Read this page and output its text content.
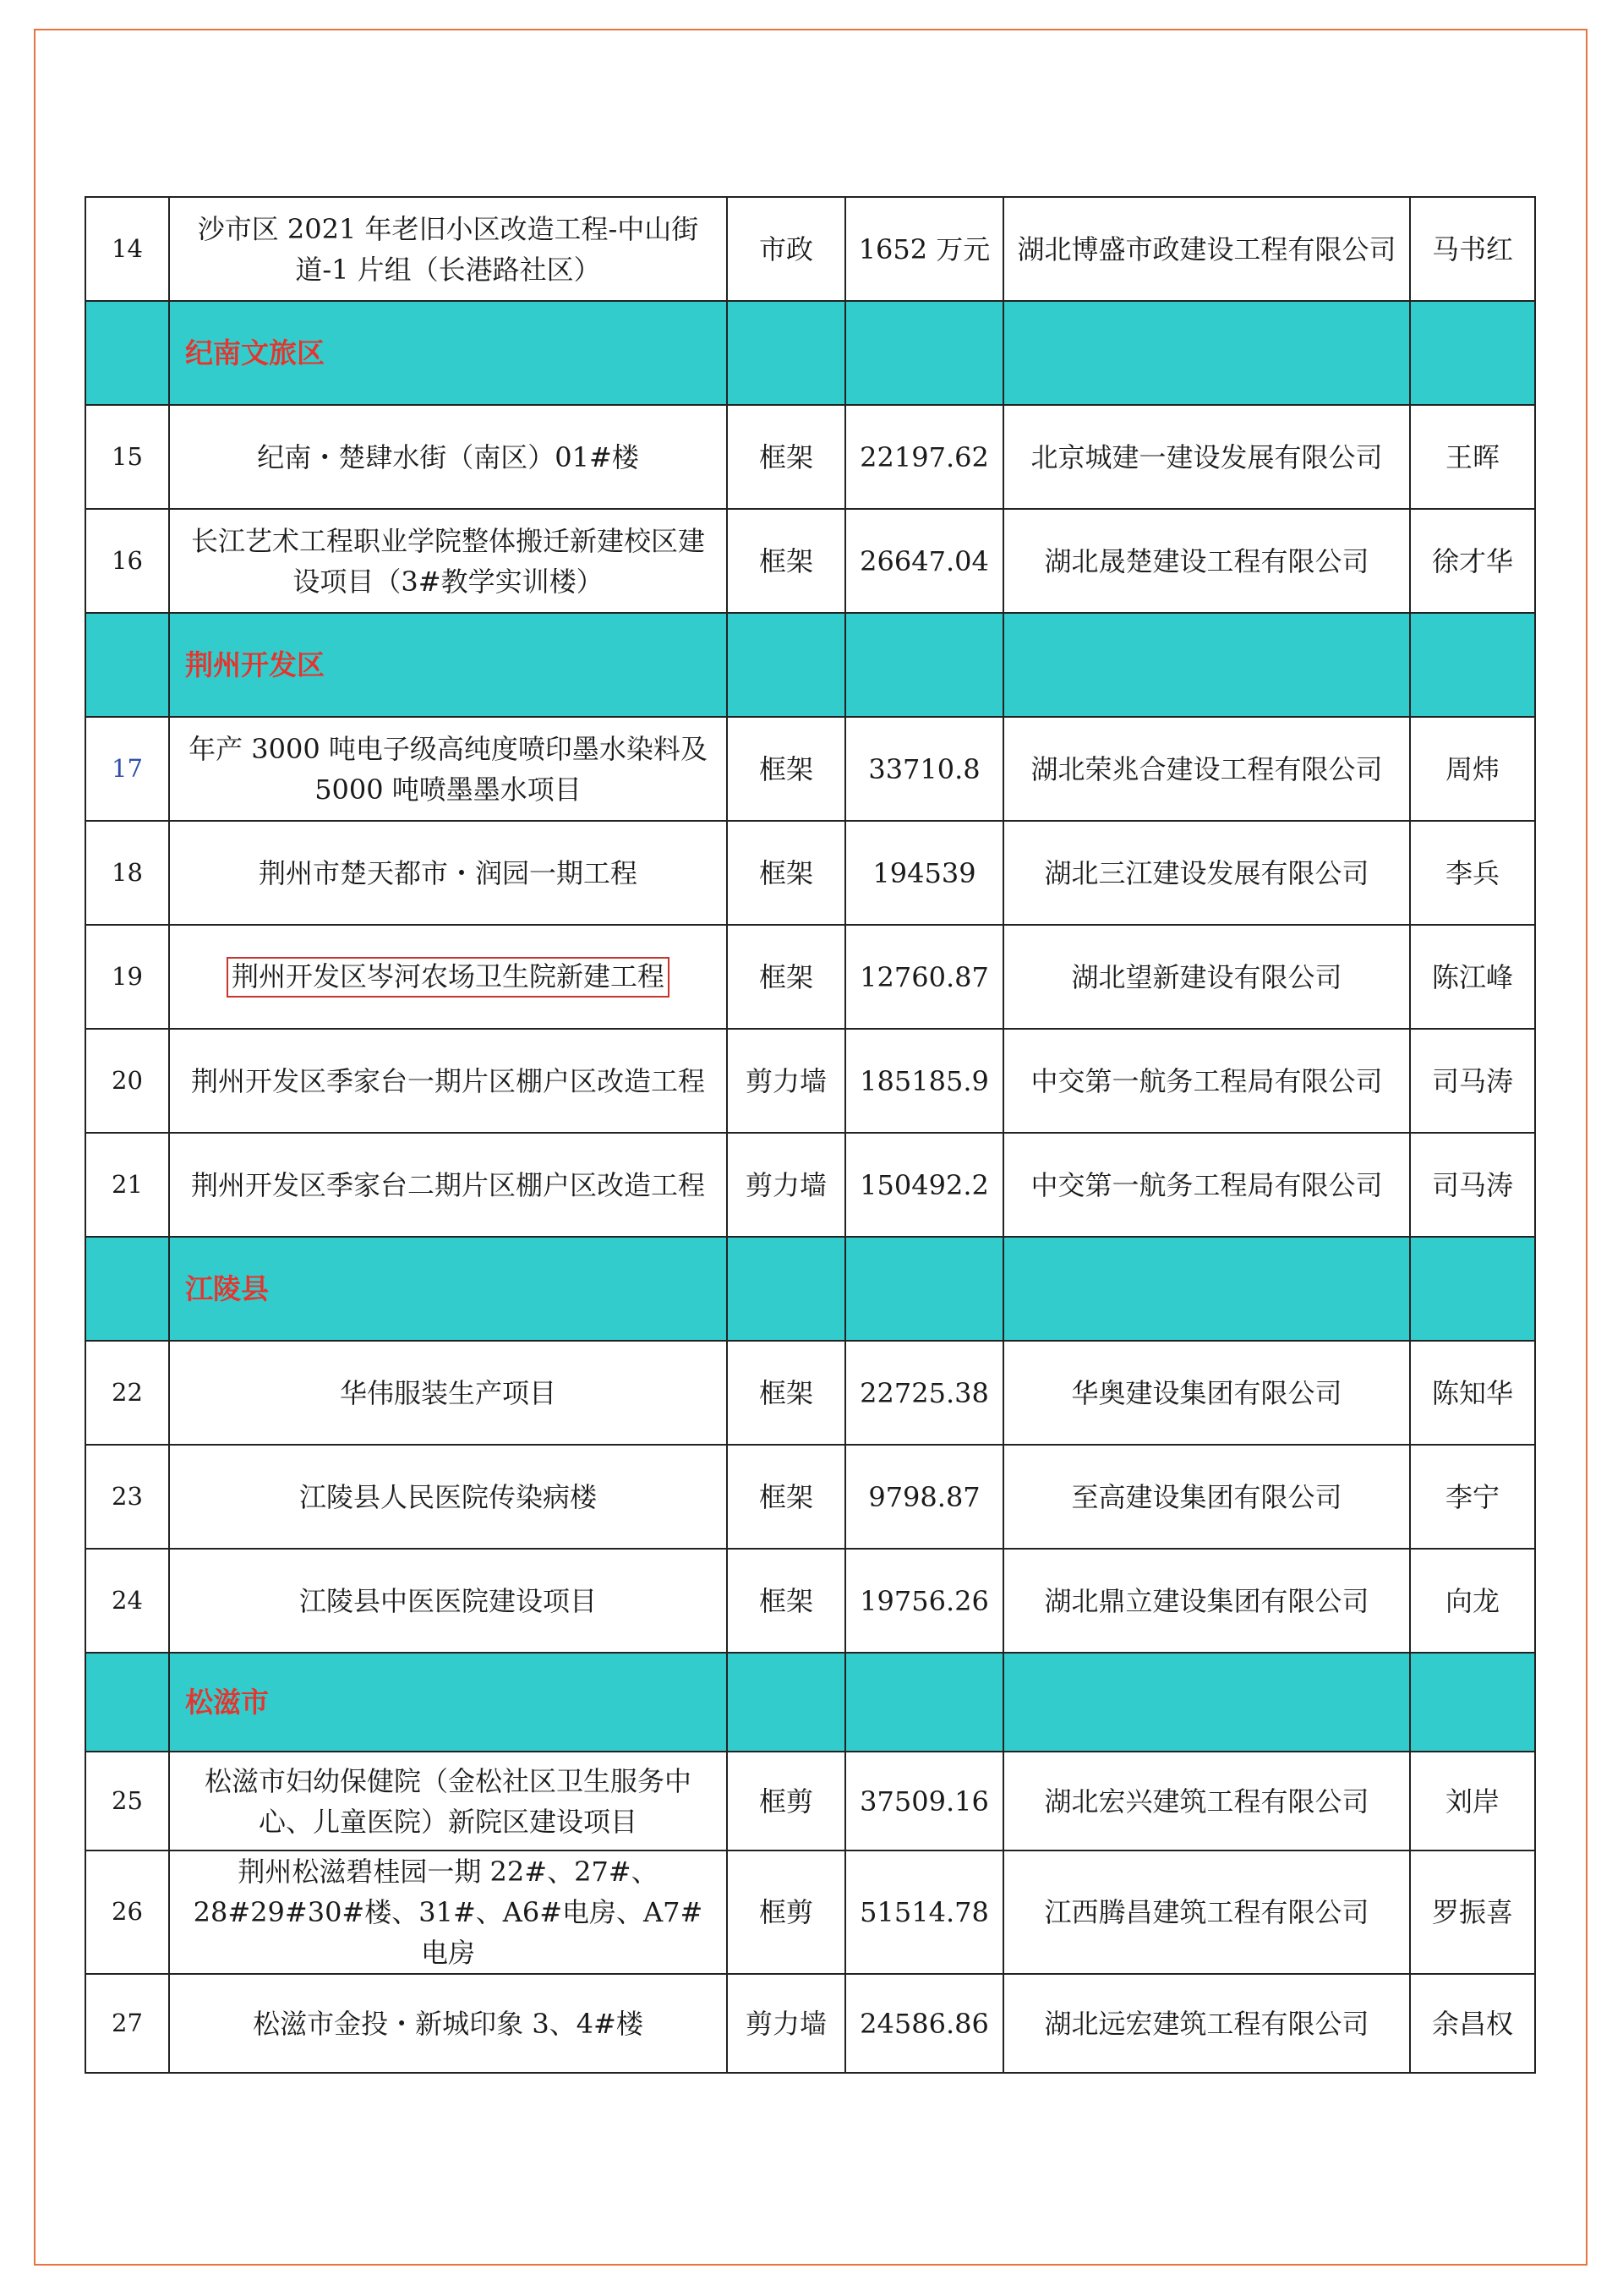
14	沙市区 2021 年老旧小区改造工程-中山街道-1 片组（长港路社区）	市政	1652 万元	湖北博盛市政建设工程有限公司	马书红
	纪南文旅区				
15	纪南・楚肆水街（南区）01#楼	框架	22197.62	北京城建一建设发展有限公司	王晖
16	长江艺术工程职业学院整体搬迁新建校区建设项目（3#教学实训楼）	框架	26647.04	湖北晟楚建设工程有限公司	徐才华
	荆州开发区				
17	年产 3000 吨电子级高纯度喷印墨水染料及 5000 吨喷墨墨水项目	框架	33710.8	湖北荣兆合建设工程有限公司	周炜
18	荆州市楚天都市・润园一期工程	框架	194539	湖北三江建设发展有限公司	李兵
19	荆州开发区岑河农场卫生院新建工程	框架	12760.87	湖北望新建设有限公司	陈江峰
20	荆州开发区季家台一期片区棚户区改造工程	剪力墙	185185.9	中交第一航务工程局有限公司	司马涛
21	荆州开发区季家台二期片区棚户区改造工程	剪力墙	150492.2	中交第一航务工程局有限公司	司马涛
	江陵县				
22	华伟服装生产项目	框架	22725.38	华奥建设集团有限公司	陈知华
23	江陵县人民医院传染病楼	框架	9798.87	至高建设集团有限公司	李宁
24	江陵县中医医院建设项目	框架	19756.26	湖北鼎立建设集团有限公司	向龙
	松滋市				
25	松滋市妇幼保健院（金松社区卫生服务中心、儿童医院）新院区建设项目	框剪	37509.16	湖北宏兴建筑工程有限公司	刘岸
26	荆州松滋碧桂园一期 22#、27#、28#29#30#楼、31#、A6#电房、A7#电房	框剪	51514.78	江西腾昌建筑工程有限公司	罗振喜
27	松滋市金投・新城印象 3、4#楼	剪力墙	24586.86	湖北远宏建筑工程有限公司	余昌权
